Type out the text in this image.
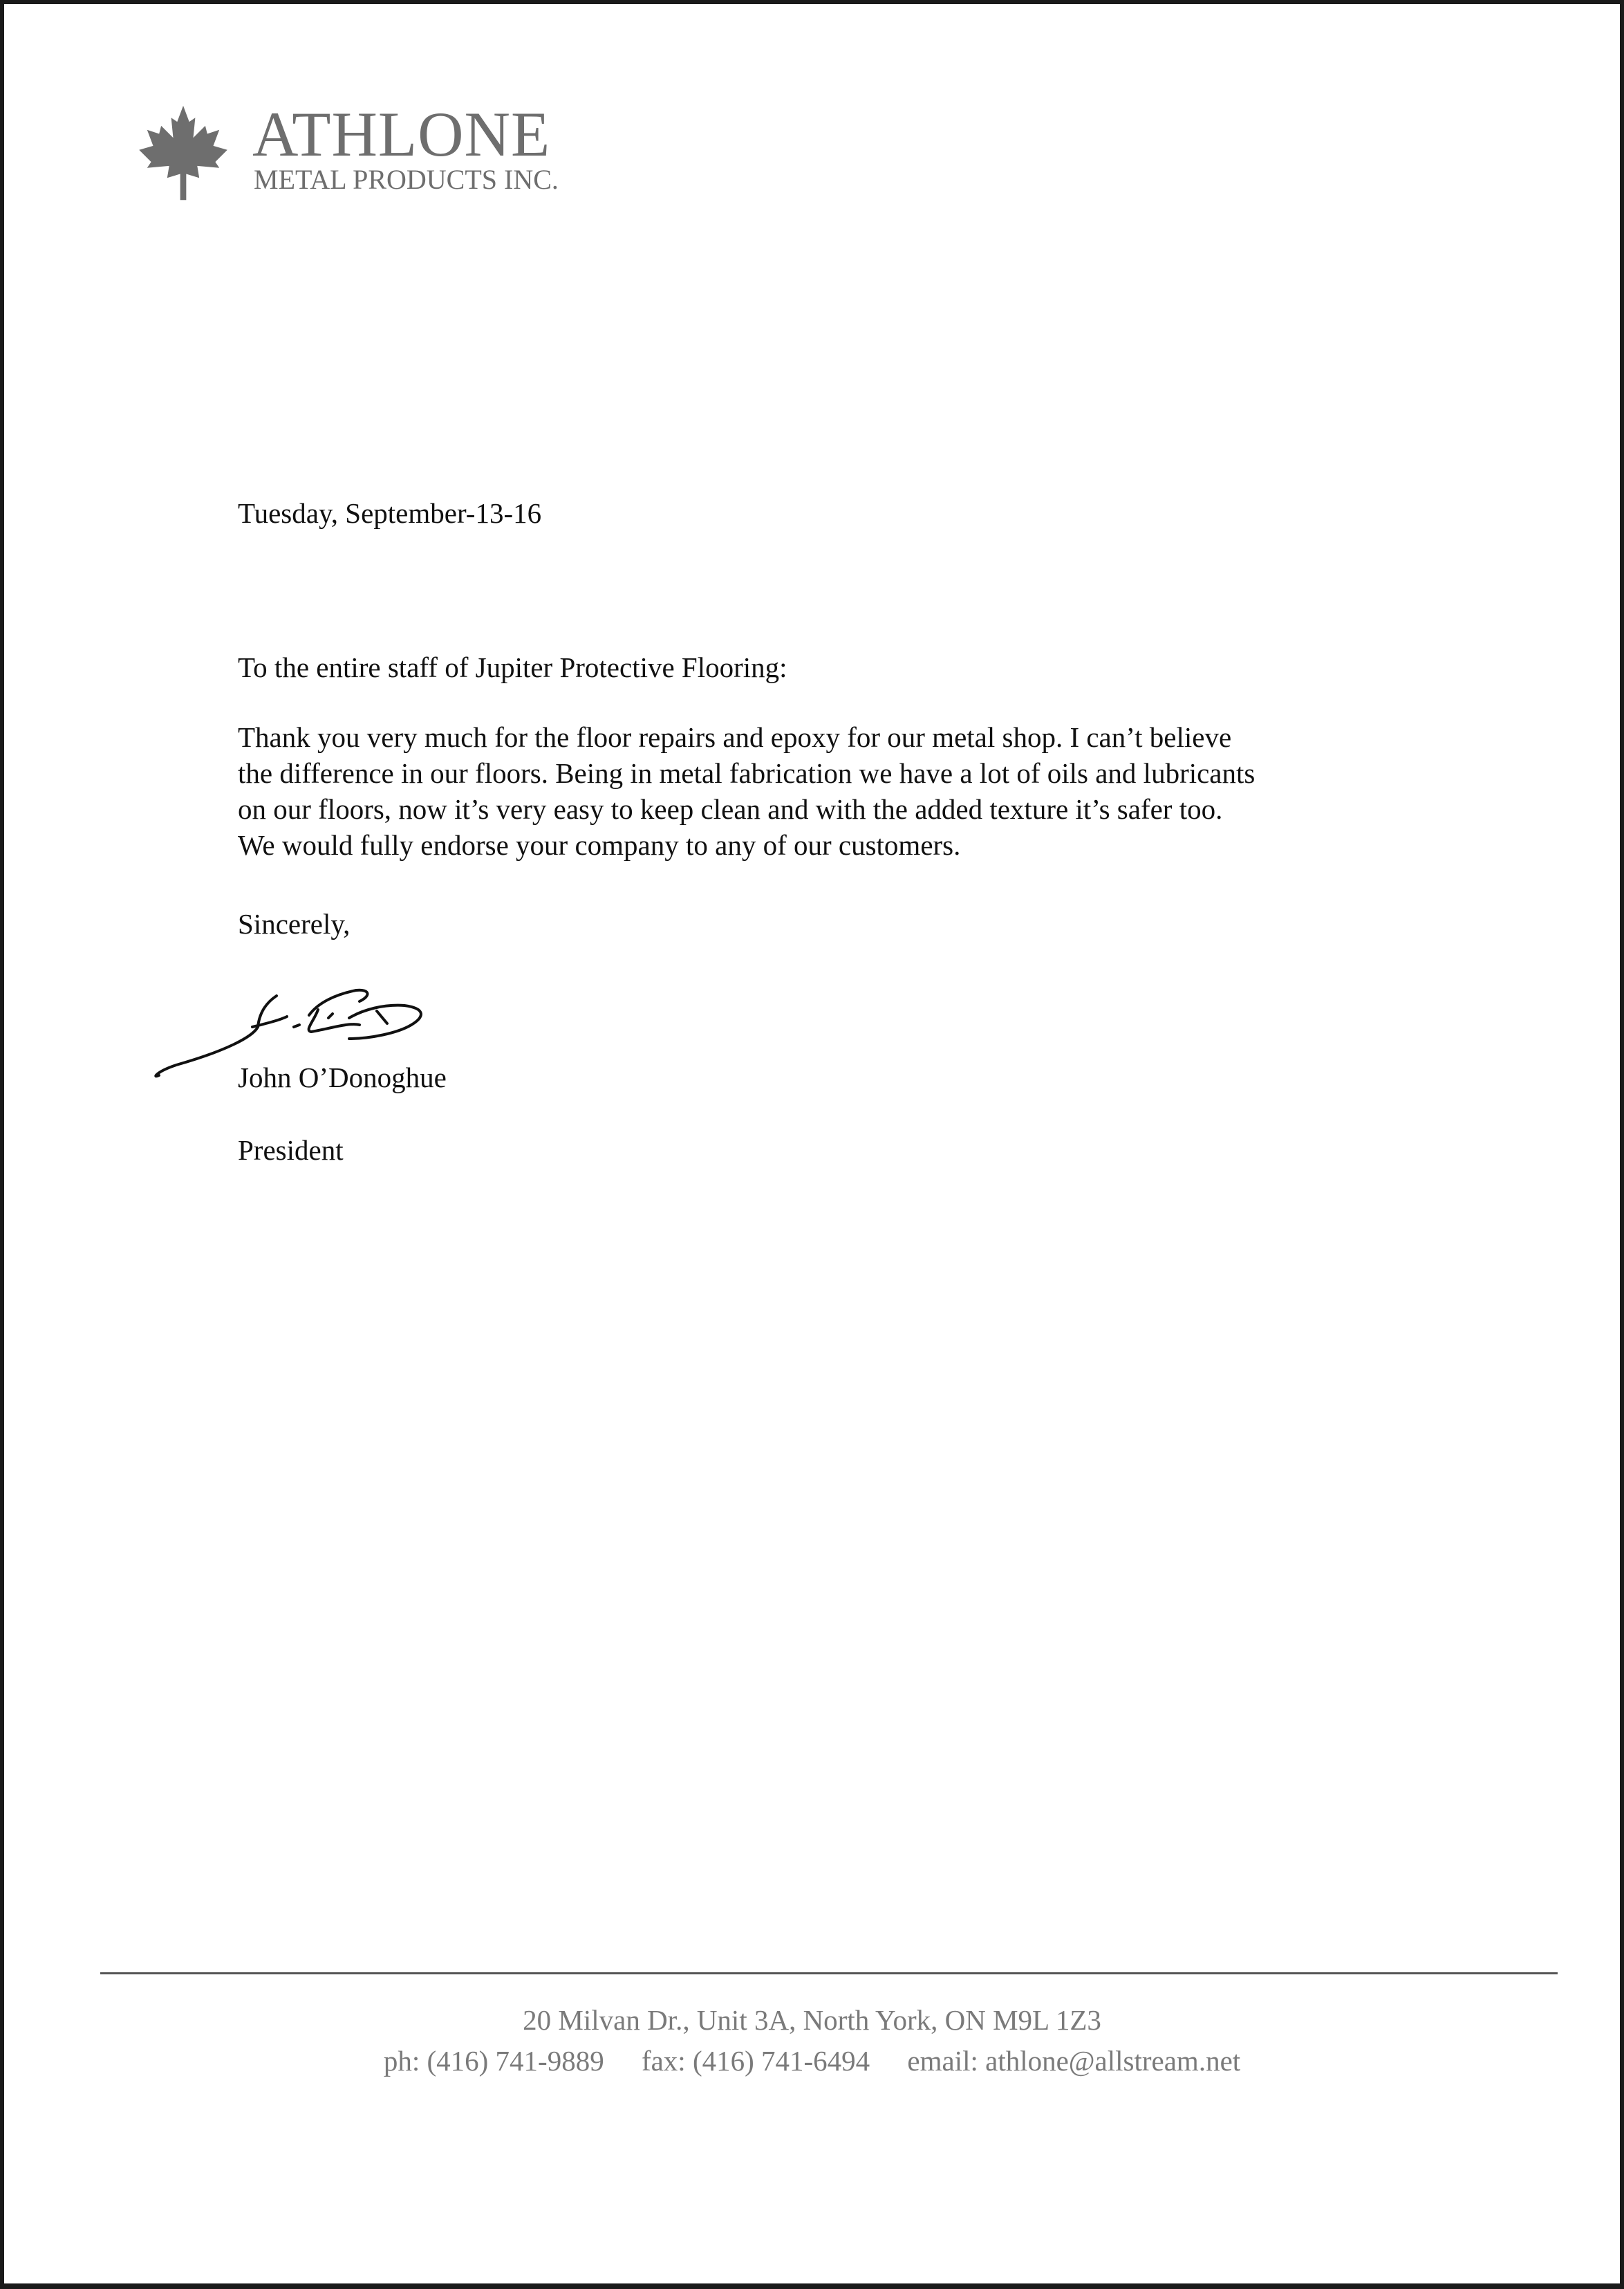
ATHLONE
METAL PRODUCTS INC.
Tuesday, September-13-16
To the entire staff of Jupiter Protective Flooring:
Thank you very much for the floor repairs and epoxy for our metal shop. I can’t believe
the difference in our floors. Being in metal fabrication we have a lot of oils and lubricants
on our floors, now it’s very easy to keep clean and with the added texture it’s safer too.
We would fully endorse your company to any of our customers.
Sincerely,
John O’Donoghue
President
20 Milvan Dr., Unit 3A, North York, ON M9L 1Z3
ph: (416) 741-9889 fax: (416) 741-6494 email: athlone@allstream.net
